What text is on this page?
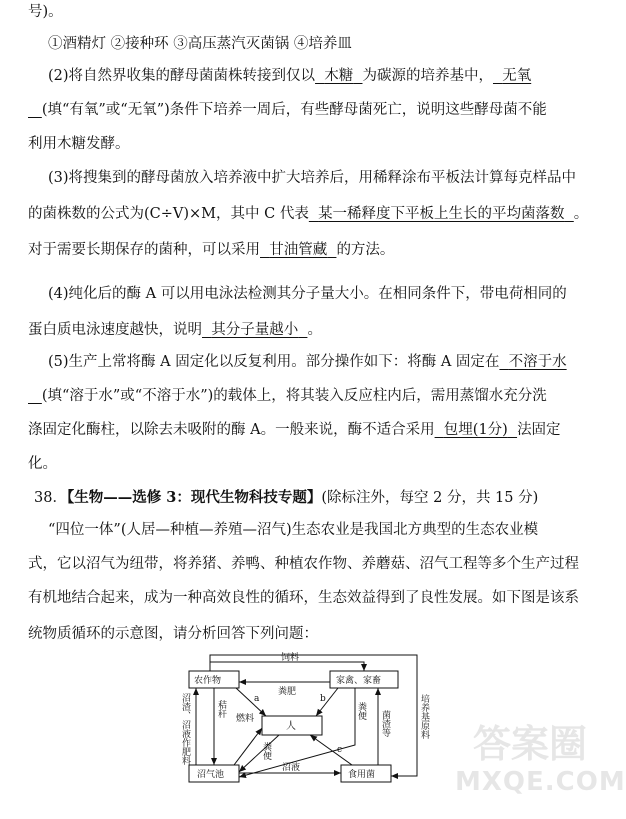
号)。
①酒精灯 ②接种环 ③高压蒸汽灭菌锅 ④培养皿
(2)将自然界收集的酵母菌菌株转接到仅以 木糖 为碳源的培养基中， 无氧
(填“有氧”或“无氧”)条件下培养一周后，有些酵母菌死亡，说明这些酵母菌不能
利用木糖发酵。
(3)将搜集到的酵母菌放入培养液中扩大培养后，用稀释涂布平板法计算每克样品中
的菌株数的公式为(C÷V)×M，其中 C 代表 某一稀释度下平板上生长的平均菌落数 。
对于需要长期保存的菌种，可以采用 甘油管藏 的方法。
(4)纯化后的酶 A 可以用电泳法检测其分子量大小。在相同条件下，带电荷相同的
蛋白质电泳速度越快，说明 其分子量越小 。
(5)生产上常将酶 A 固定化以反复利用。部分操作如下：将酶 A 固定在 不溶于水
(填“溶于水”或“不溶于水”)的载体上，将其装入反应柱内后，需用蒸馏水充分洗
涤固定化酶柱，以除去未吸附的酶 A。一般来说，酶不适合采用 包埋(1分) 法固定
化。
38．【生物——选修 3：现代生物科技专题】(除标注外，每空 2 分，共 15 分)
“四位一体”(人居—种植—养殖—沼气)生态农业是我国北方典型的生态农业模
式，它以沼气为纽带，将养猪、养鸭、种植农作物、养蘑菇、沼气工程等多个生产过程
有机地结合起来，成为一种高效良性的循环，生态效益得到了良性发展。如下图是该系
统物质循环的示意图，请分析回答下列问题：
农作物	家禽、家畜
人
沼气池	食用菌
饲料
粪肥
a	b
c
燃料
沼液
沼渣、沼液作肥料	秸秆
粪便
粪便 菌渣等	培养基原料
答案圈
MXQE.COM
